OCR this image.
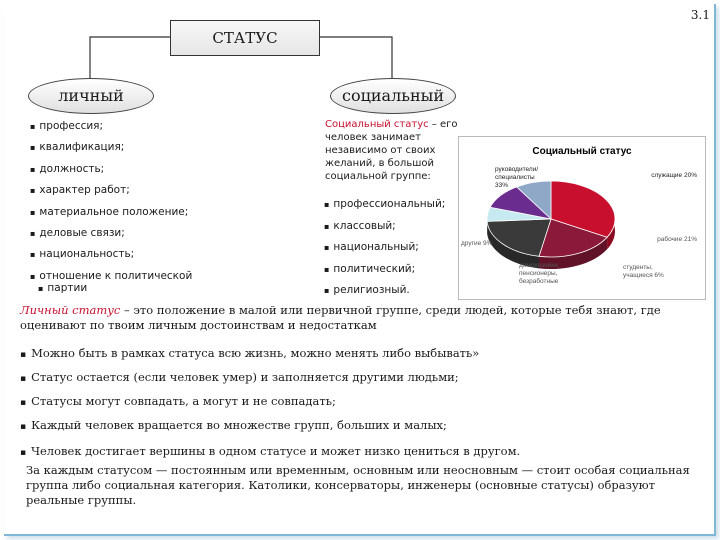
3.1
СТАТУС
личный	социальный
▪ профессия;
▪ квалификация;
▪ должность;
▪ характер работ;
▪ материальное положение;
▪ деловые связи;
▪ национальность;
▪ отношение к политической
▪ партии
Социальный статус – его человек занимает независимо от своих желаний, в большой социальной группе:
▪ профессиональный;
▪ классовый;
▪ национальный;
▪ политический;
▪ религиозный.
Социальный статус
руководители/ специалисты 33%
служащие 20%
рабочие 21%
студенты, учащиеся 6%
домохозяйки, пенсионеры, безработные
другие 9%
Личный статус – это положение в малой или первичной группе, среди людей, которые тебя знают, где оценивают по твоим личным достоинствам и недостаткам
▪ Можно быть в рамках статуса всю жизнь, можно менять либо выбывать»
▪ Статус остается (если человек умер) и заполняется другими людьми;
▪ Статусы могут совпадать, а могут и не совпадать;
▪ Каждый человек вращается во множестве групп, больших и малых;
▪ Человек достигает вершины в одном статусе и может низко цениться в другом.
За каждым статусом — постоянным или временным, основным или неосновным — стоит особая социальная группа либо социальная категория. Католики, консерваторы, инженеры (основные статусы) образуют реальные группы.
